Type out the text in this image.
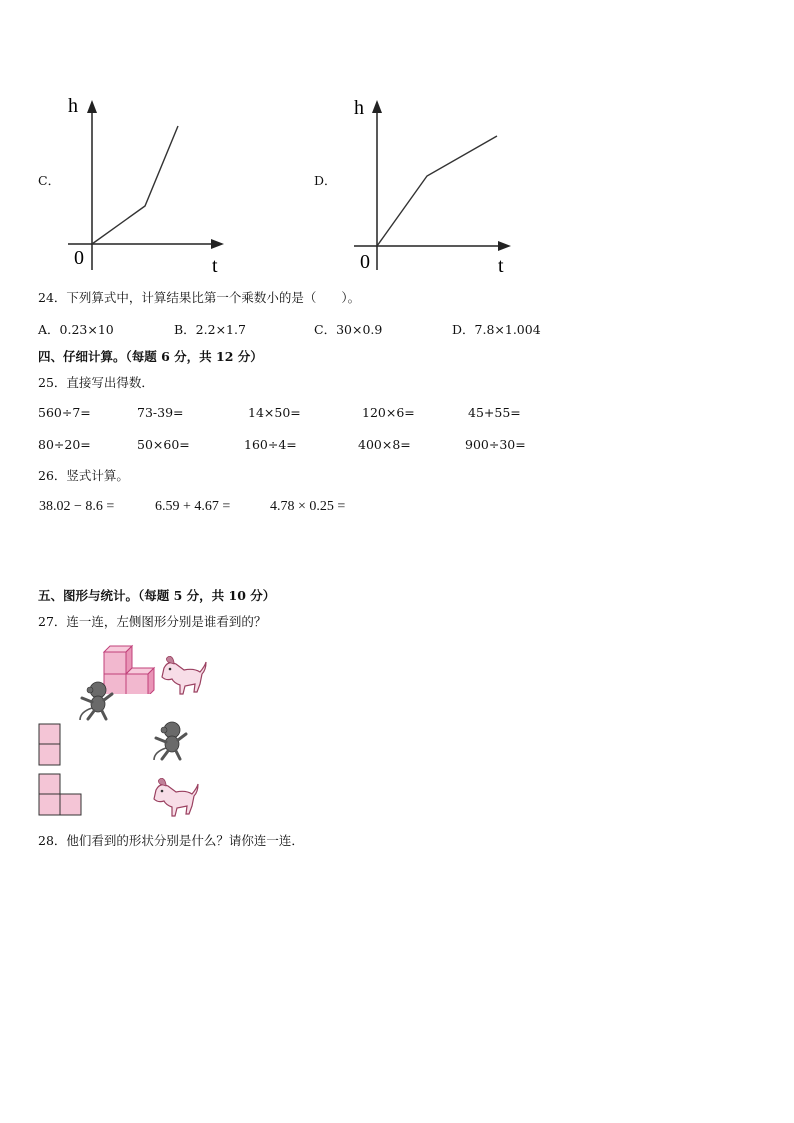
C．
h
t
0
D．
h
t
0
24．下列算式中，计算结果比第一个乘数小的是（　　）。
A．0.23×10	B．2.2×1.7	C．30×0.9	D．7.8×1.004
四、仔细计算。（每题 6 分，共 12 分）
25．直接写出得数．
560÷7=	73-39=	14×50=	120×6=	45+55=
80÷20=	50×60=	160÷4=	400×8=	900÷30=
26．竖式计算。
38.02 − 8.6 =	6.59 + 4.67 =	4.78 × 0.25 =
五、图形与统计。（每题 5 分，共 10 分）
27．连一连，左侧图形分别是谁看到的？
28．他们看到的形状分别是什么？请你连一连．
